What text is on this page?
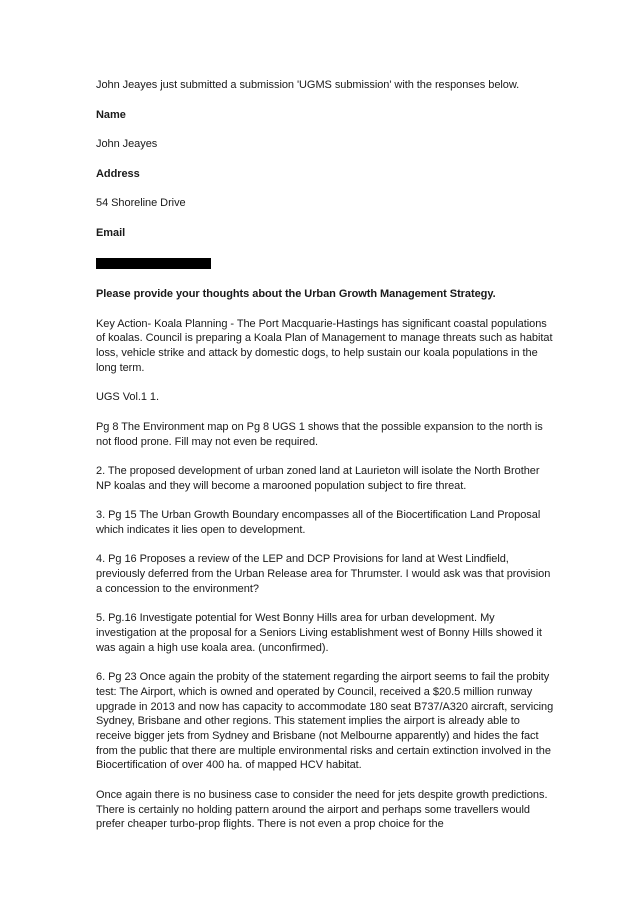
John Jeayes just submitted a submission 'UGMS submission' with the responses below.

Name

John Jeayes

Address

54 Shoreline Drive

Email

Please provide your thoughts about the Urban Growth Management Strategy.

Key Action- Koala Planning - The Port Macquarie-Hastings has significant coastal populations of koalas. Council is preparing a Koala Plan of Management to manage threats such as habitat loss, vehicle strike and attack by domestic dogs, to help sustain our koala populations in the long term.

UGS Vol.1 1.

Pg 8 The Environment map on Pg 8 UGS 1 shows that the possible expansion to the north is not flood prone. Fill may not even be required.

2. The proposed development of urban zoned land at Laurieton will isolate the North Brother NP koalas and they will become a marooned population subject to fire threat.

3. Pg 15 The Urban Growth Boundary encompasses all of the Biocertification Land Proposal which indicates it lies open to development.

4. Pg 16 Proposes a review of the LEP and DCP Provisions for land at West Lindfield, previously deferred from the Urban Release area for Thrumster. I would ask was that provision a concession to the environment?

5. Pg.16 Investigate potential for West Bonny Hills area for urban development. My investigation at the proposal for a Seniors Living establishment west of Bonny Hills showed it was again a high use koala area. (unconfirmed).

6. Pg 23 Once again the probity of the statement regarding the airport seems to fail the probity test: The Airport, which is owned and operated by Council, received a $20.5 million runway upgrade in 2013 and now has capacity to accommodate 180 seat B737/A320 aircraft, servicing Sydney, Brisbane and other regions. This statement implies the airport is already able to receive bigger jets from Sydney and Brisbane (not Melbourne apparently) and hides the fact from the public that there are multiple environmental risks and certain extinction involved in the Biocertification of over 400 ha. of mapped HCV habitat.

Once again there is no business case to consider the need for jets despite growth predictions. There is certainly no holding pattern around the airport and perhaps some travellers would prefer cheaper turbo-prop flights. There is not even a prop choice for the
